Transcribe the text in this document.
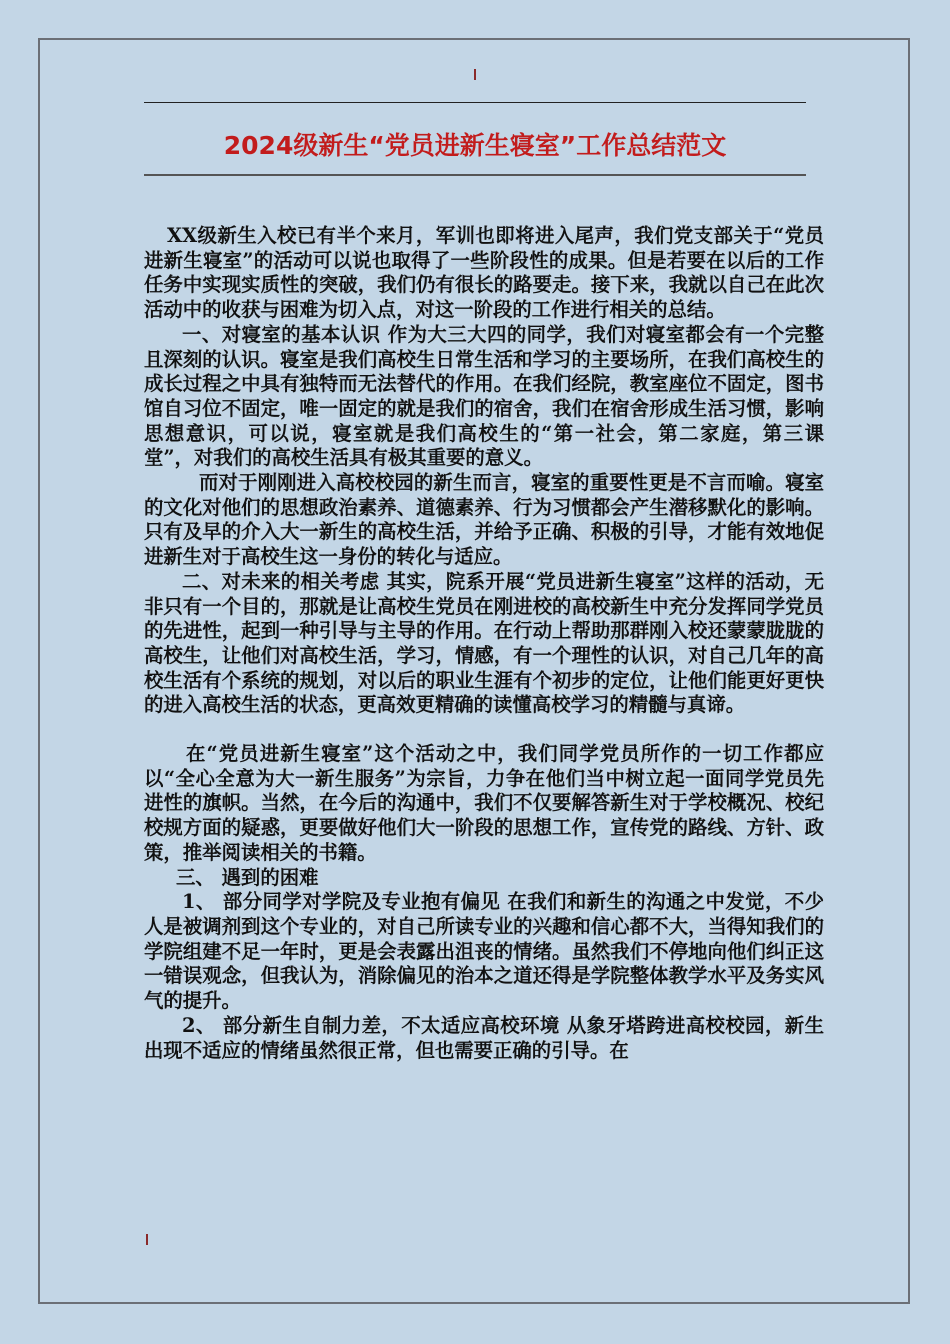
2024级新生“党员进新生寝室”工作总结范文

XX级新生入校已有半个来月，军训也即将进入尾声，我们党支部关于“党员进新生寝室”的活动可以说也取得了一些阶段性的成果。但是若要在以后的工作任务中实现实质性的突破，我们仍有很长的路要走。接下来，我就以自己在此次活动中的收获与困难为切入点，对这一阶段的工作进行相关的总结。

一、对寝室的基本认识 作为大三大四的同学，我们对寝室都会有一个完整且深刻的认识。寝室是我们高校生日常生活和学习的主要场所，在我们高校生的成长过程之中具有独特而无法替代的作用。在我们经院，教室座位不固定，图书馆自习位不固定，唯一固定的就是我们的宿舍，我们在宿舍形成生活习惯，影响思想意识，可以说，寝室就是我们高校生的“第一社会，第二家庭，第三课堂”，对我们的高校生活具有极其重要的意义。

而对于刚刚进入高校校园的新生而言，寝室的重要性更是不言而喻。寝室的文化对他们的思想政治素养、道德素养、行为习惯都会产生潜移默化的影响。只有及早的介入大一新生的高校生活，并给予正确、积极的引导，才能有效地促进新生对于高校生这一身份的转化与适应。

二、对未来的相关考虑 其实，院系开展“党员进新生寝室”这样的活动，无非只有一个目的，那就是让高校生党员在刚进校的高校新生中充分发挥同学党员的先进性，起到一种引导与主导的作用。在行动上帮助那群刚入校还蒙蒙胧胧的高校生，让他们对高校生活，学习，情感，有一个理性的认识，对自己几年的高校生活有个系统的规划，对以后的职业生涯有个初步的定位，让他们能更好更快的进入高校生活的状态，更高效更精确的读懂高校学习的精髓与真谛。

在“党员进新生寝室”这个活动之中，我们同学党员所作的一切工作都应以“全心全意为大一新生服务”为宗旨，力争在他们当中树立起一面同学党员先进性的旗帜。当然，在今后的沟通中，我们不仅要解答新生对于学校概况、校纪校规方面的疑惑，更要做好他们大一阶段的思想工作，宣传党的路线、方针、政策，推举阅读相关的书籍。

三、 遇到的困难

1、 部分同学对学院及专业抱有偏见 在我们和新生的沟通之中发觉，不少人是被调剂到这个专业的，对自己所读专业的兴趣和信心都不大，当得知我们的学院组建不足一年时，更是会表露出沮丧的情绪。虽然我们不停地向他们纠正这一错误观念，但我认为，消除偏见的治本之道还得是学院整体教学水平及务实风气的提升。

2、 部分新生自制力差，不太适应高校环境 从象牙塔跨进高校校园，新生出现不适应的情绪虽然很正常，但也需要正确的引导。在
